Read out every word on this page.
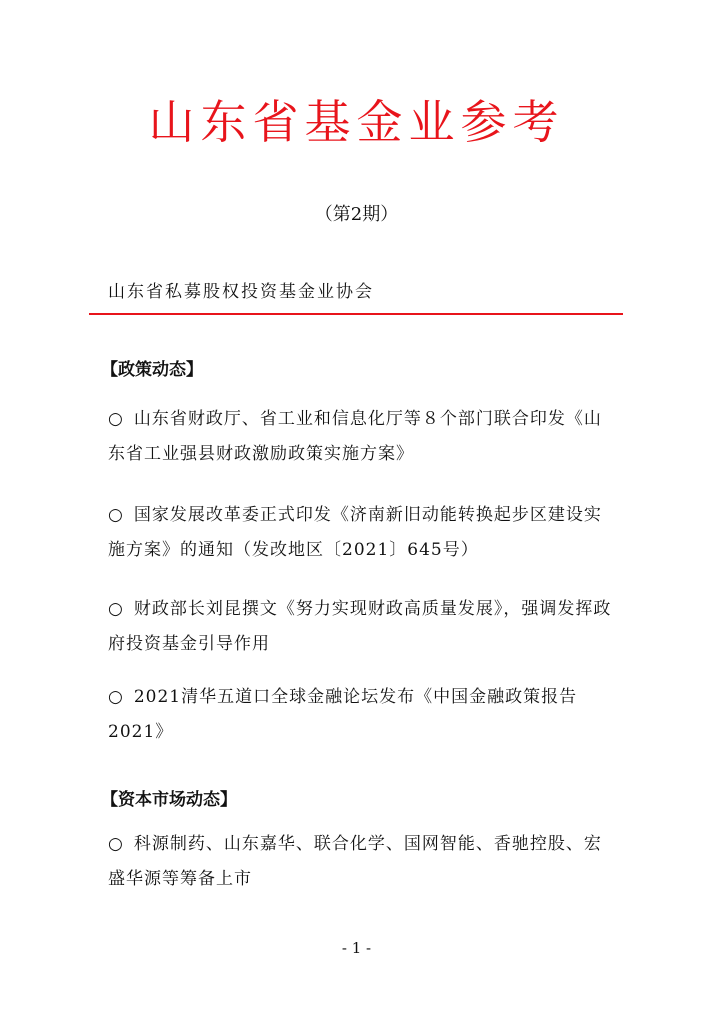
山东省基金业参考
（第2期）
山东省私募股权投资基金业协会
【政策动态】
○ 山东省财政厅、省工业和信息化厅等８个部门联合印发《山东省工业强县财政激励政策实施方案》
○ 国家发展改革委正式印发《济南新旧动能转换起步区建设实施方案》的通知（发改地区〔2021〕645号）
○ 财政部长刘昆撰文《努力实现财政高质量发展》，强调发挥政府投资基金引导作用
○ 2021清华五道口全球金融论坛发布《中国金融政策报告2021》
【资本市场动态】
○ 科源制药、山东嘉华、联合化学、国网智能、香驰控股、宏盛华源等筹备上市
- 1 -
